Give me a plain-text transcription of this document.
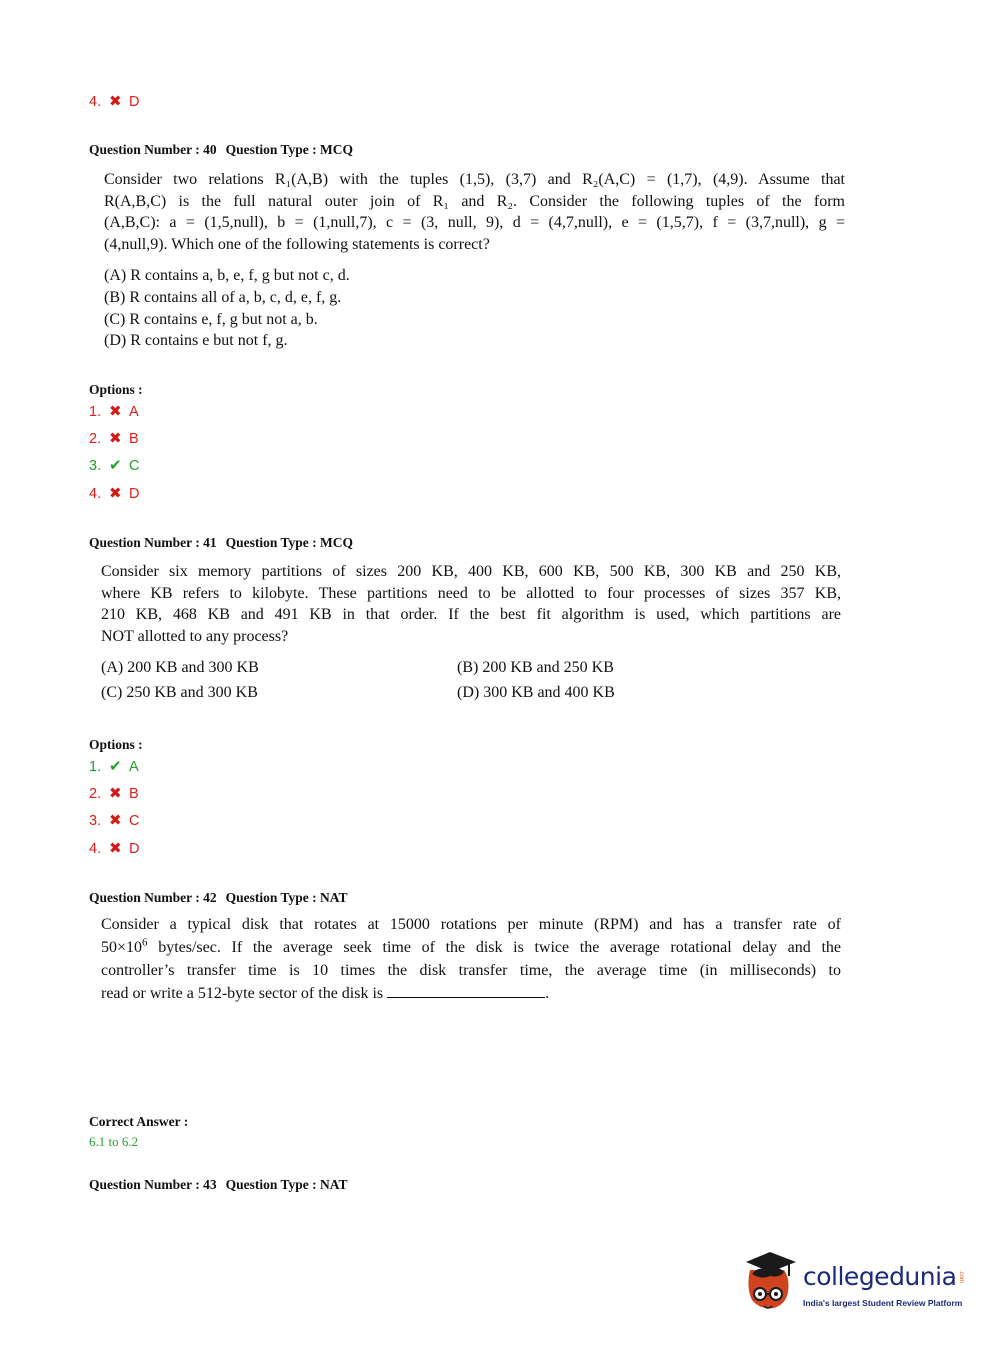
4. ✖ D
Question Number : 40 Question Type : MCQ
Consider two relations R₁(A,B) with the tuples (1,5), (3,7) and R₂(A,C) = (1,7), (4,9). Assume that
R(A,B,C) is the full natural outer join of R₁ and R₂. Consider the following tuples of the form
(A,B,C): a = (1,5,null), b = (1,null,7), c = (3, null, 9), d = (4,7,null), e = (1,5,7), f = (3,7,null), g =
(4,null,9). Which one of the following statements is correct?
(A) R contains a, b, e, f, g but not c, d.
(B) R contains all of a, b, c, d, e, f, g.
(C) R contains e, f, g but not a, b.
(D) R contains e but not f, g.
Options :
1. ✖ A
2. ✖ B
3. ✔ C
4. ✖ D
Question Number : 41 Question Type : MCQ
Consider six memory partitions of sizes 200 KB, 400 KB, 600 KB, 500 KB, 300 KB and 250 KB,
where KB refers to kilobyte. These partitions need to be allotted to four processes of sizes 357 KB,
210 KB, 468 KB and 491 KB in that order. If the best fit algorithm is used, which partitions are
NOT allotted to any process?
(A) 200 KB and 300 KB	(B) 200 KB and 250 KB
(C) 250 KB and 300 KB	(D) 300 KB and 400 KB
Options :
1. ✔ A
2. ✖ B
3. ✖ C
4. ✖ D
Question Number : 42 Question Type : NAT
Consider a typical disk that rotates at 15000 rotations per minute (RPM) and has a transfer rate of
$50\times 10^6$ bytes/sec. If the average seek time of the disk is twice the average rotational delay and the
controller’s transfer time is 10 times the disk transfer time, the average time (in milliseconds) to
read or write a 512-byte sector of the disk is	.
Correct Answer :
6.1 to 6.2
Question Number : 43 Question Type : NAT
collegedunia .com
India's largest Student Review Platform
